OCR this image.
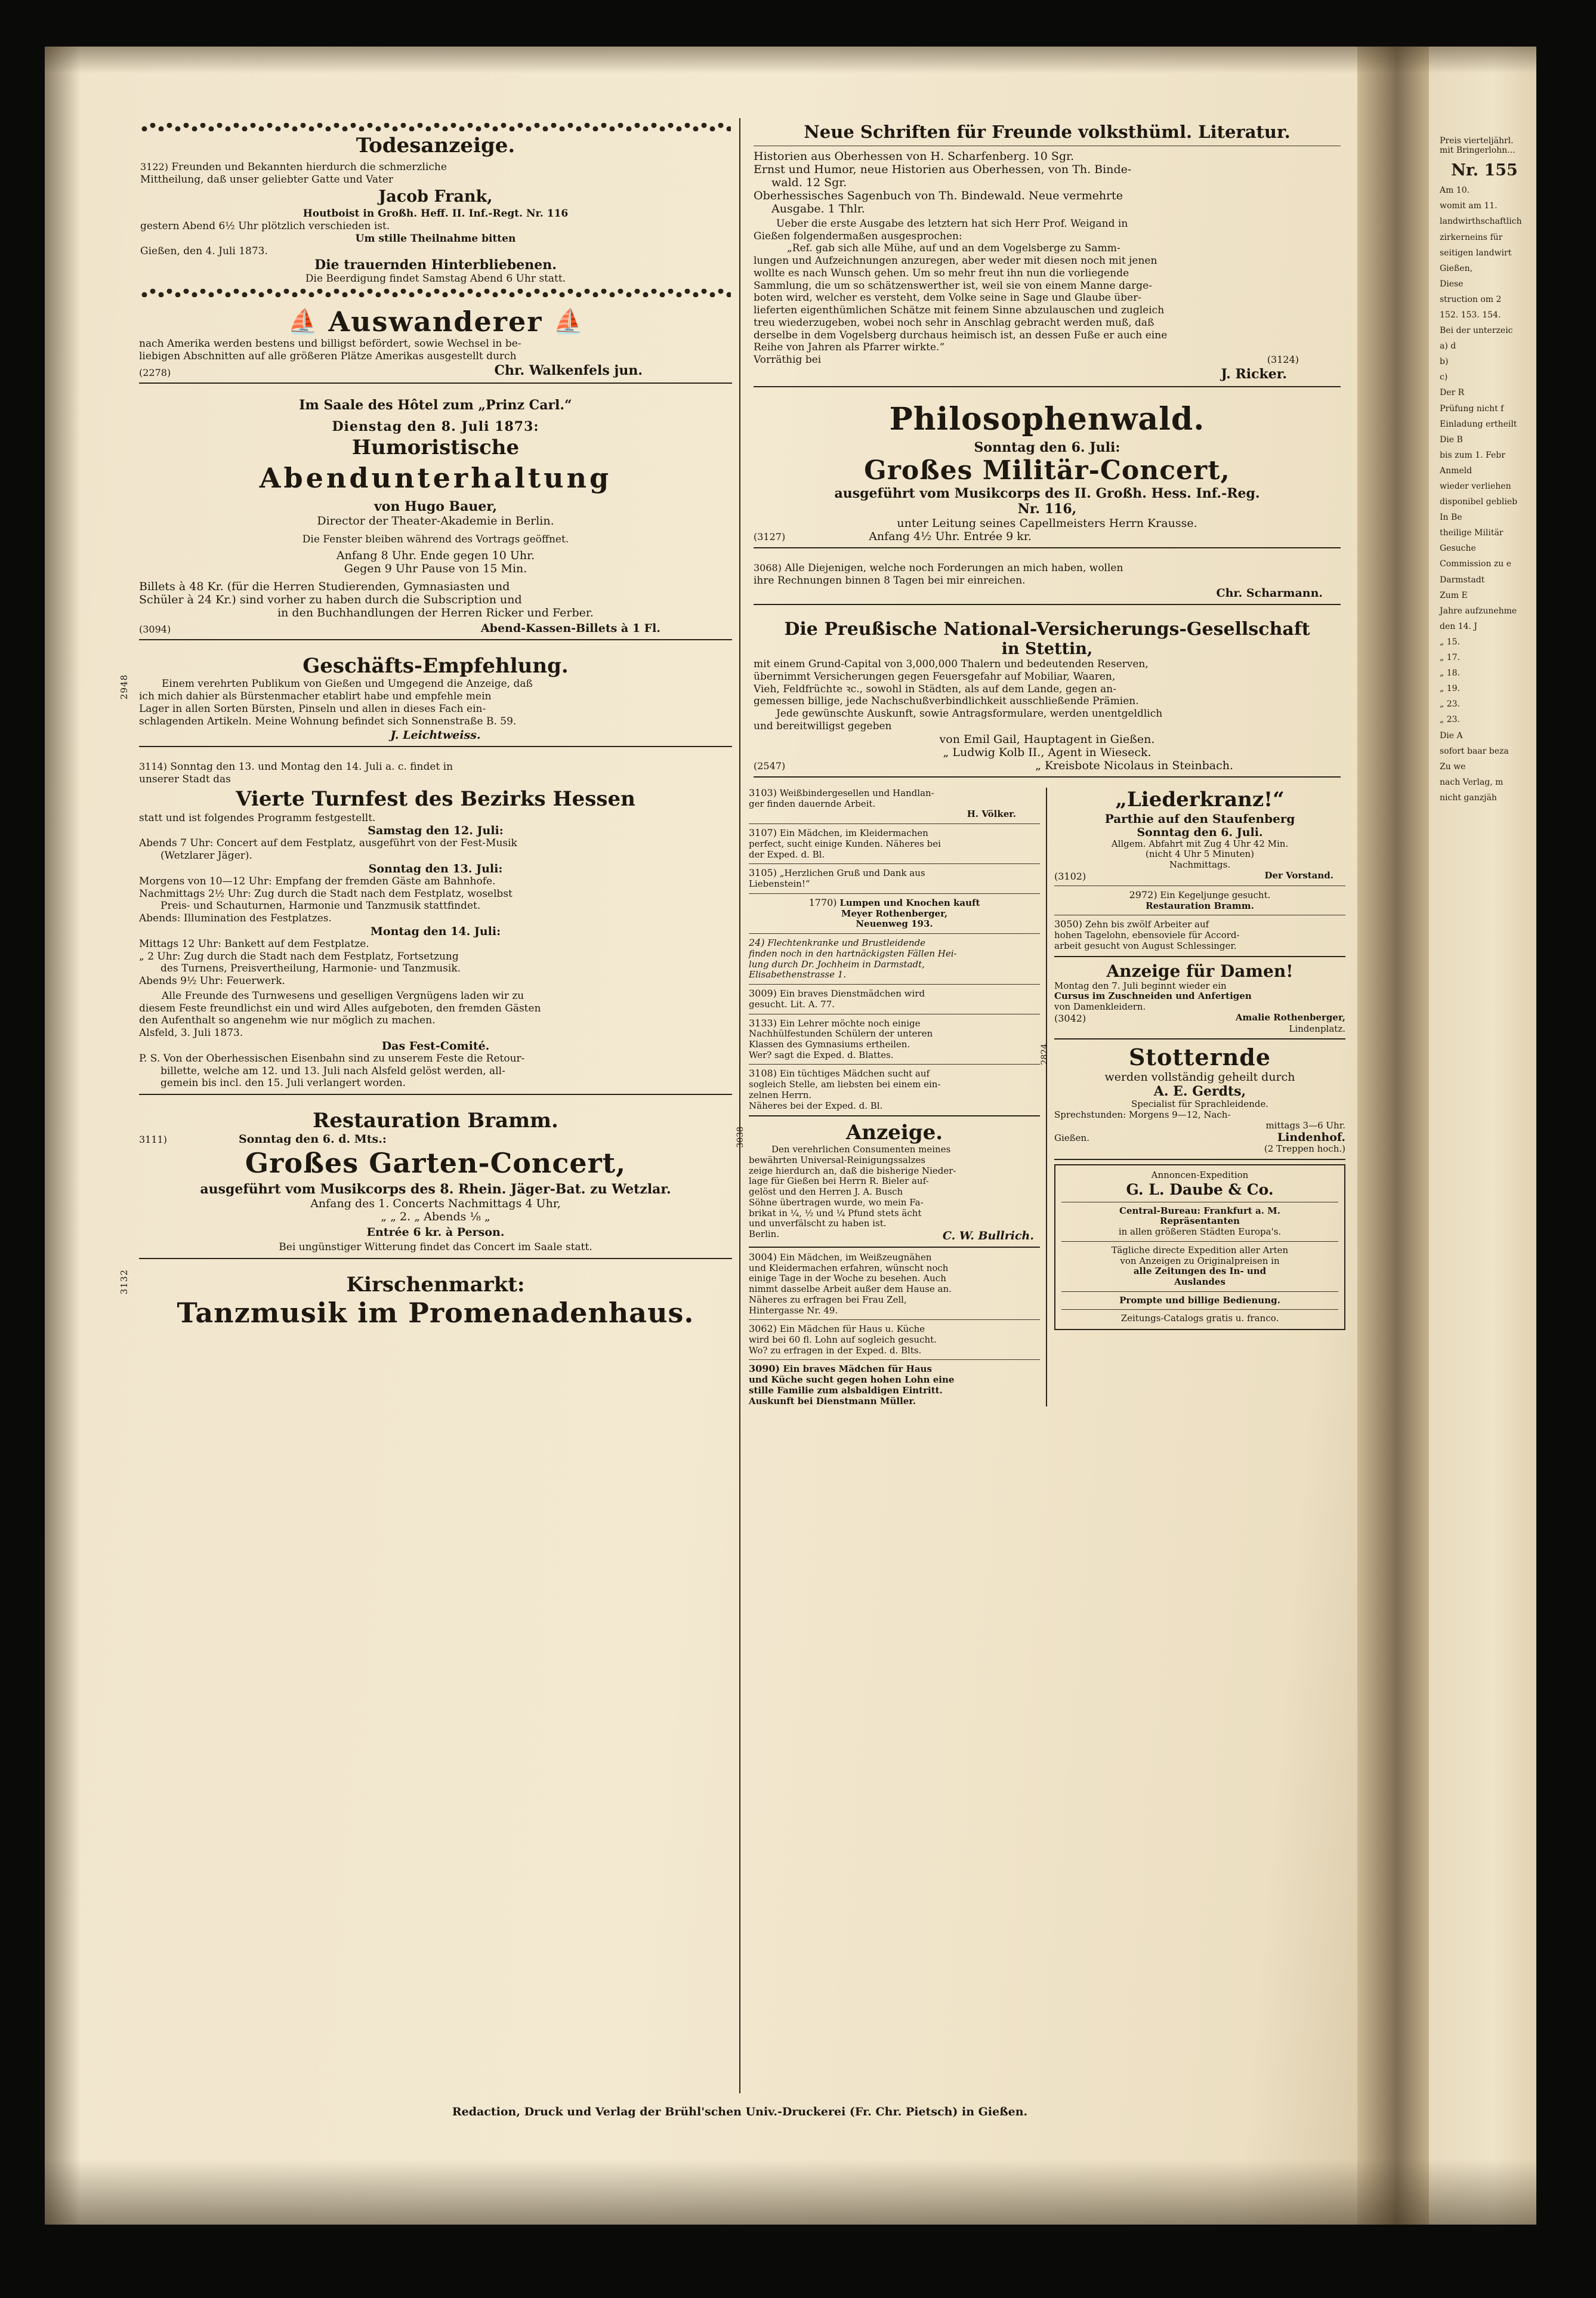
Preis vierteljährl. mit Bringerlohn...
Nr. 155
Am 10.
womit am 11.
landwirthschaftlich
zirkerneins für
seitigen landwirt
Gießen,
Diese
struction om 2
152. 153. 154.
Bei der unterzeic
a) d
b)
c)
Der R
Prüfung nicht f
Einladung ertheilt
Die B
bis zum 1. Febr
Anmeld
wieder verliehen
disponibel geblieb
In Be
theilige Militär
Gesuche
Commission zu e
Darmstadt
Zum E
Jahre aufzunehme
den 14. J
„ 15.
„ 17.
„ 18.
„ 19.
„ 23.
„ 23.
Die A
sofort baar beza
Zu we
nach Verlag, m
nicht ganzjäh
Todesanzeige.
3122) Freunden und Bekannten hierdurch die schmerzliche
Mittheilung, daß unser geliebter Gatte und Vater
Jacob Frank,
Houtboist in Großh. Heff. II. Inf.-Regt. Nr. 116
gestern Abend 6½ Uhr plötzlich verschieden ist.
Um stille Theilnahme bitten
Gießen, den 4. Juli 1873.
Die trauernden Hinterbliebenen.
Die Beerdigung findet Samstag Abend 6 Uhr statt.
⛵ Auswanderer ⛵
nach Amerika werden bestens und billigst befördert, sowie Wechsel in be-
liebigen Abschnitten auf alle größeren Plätze Amerikas ausgestellt durch
(2278)	Chr. Walkenfels jun.
Im Saale des Hôtel zum „Prinz Carl.“
Dienstag den 8. Juli 1873:
Humoristische
Abendunterhaltung
von Hugo Bauer,
Director der Theater-Akademie in Berlin.
Die Fenster bleiben während des Vortrags geöffnet.
Anfang 8 Uhr. Ende gegen 10 Uhr.
Gegen 9 Uhr Pause von 15 Min.
Billets à 48 Kr. (für die Herren Studierenden, Gymnasiasten und
Schüler à 24 Kr.) sind vorher zu haben durch die Subscription und
in den Buchhandlungen der Herren Ricker und Ferber.
(3094)	Abend-Kassen-Billets à 1 Fl.
2948
Geschäfts-Empfehlung.
Einem verehrten Publikum von Gießen und Umgegend die Anzeige, daß
ich mich dahier als Bürstenmacher etablirt habe und empfehle mein
Lager in allen Sorten Bürsten, Pinseln und allen in dieses Fach ein-
schlagenden Artikeln. Meine Wohnung befindet sich Sonnenstraße B. 59.
J. Leichtweiss.
3114) Sonntag den 13. und Montag den 14. Juli a. c. findet in
unserer Stadt das
Vierte Turnfest des Bezirks Hessen
statt und ist folgendes Programm festgestellt.
Samstag den 12. Juli:
Abends 7 Uhr: Concert auf dem Festplatz, ausgeführt von der Fest-Musik
(Wetzlarer Jäger).
Sonntag den 13. Juli:
Morgens von 10—12 Uhr: Empfang der fremden Gäste am Bahnhofe.
Nachmittags 2½ Uhr: Zug durch die Stadt nach dem Festplatz, woselbst
Preis- und Schauturnen, Harmonie und Tanzmusik stattfindet.
Abends: Illumination des Festplatzes.
Montag den 14. Juli:
Mittags 12 Uhr: Bankett auf dem Festplatze.
„ 2 Uhr: Zug durch die Stadt nach dem Festplatz, Fortsetzung
des Turnens, Preisvertheilung, Harmonie- und Tanzmusik.
Abends 9½ Uhr: Feuerwerk.
Alle Freunde des Turnwesens und geselligen Vergnügens laden wir zu
diesem Feste freundlichst ein und wird Alles aufgeboten, den fremden Gästen
den Aufenthalt so angenehm wie nur möglich zu machen.
Alsfeld, 3. Juli 1873.
Das Fest-Comité.
P. S. Von der Oberhessischen Eisenbahn sind zu unserem Feste die Retour-
billette, welche am 12. und 13. Juli nach Alsfeld gelöst werden, all-
gemein bis incl. den 15. Juli verlangert worden.
Restauration Bramm.
3111)	Sonntag den 6. d. Mts.:
Großes Garten-Concert,
ausgeführt vom Musikcorps des 8. Rhein. Jäger-Bat. zu Wetzlar.
Anfang des 1. Concerts Nachmittags 4 Uhr,
„ „ 2. „ Abends ⅛ „
Entrée 6 kr. à Person.
Bei ungünstiger Witterung findet das Concert im Saale statt.
3132	Kirschenmarkt:
Tanzmusik im Promenadenhaus.
Neue Schriften für Freunde volksthüml. Literatur.
Historien aus Oberhessen von H. Scharfenberg. 10 Sgr.
Ernst und Humor, neue Historien aus Oberhessen, von Th. Binde-
wald. 12 Sgr.
Oberhessisches Sagenbuch von Th. Bindewald. Neue vermehrte
Ausgabe. 1 Thlr.
Ueber die erste Ausgabe des letztern hat sich Herr Prof. Weigand in
Gießen folgendermaßen ausgesprochen:
„Ref. gab sich alle Mühe, auf und an dem Vogelsberge zu Samm-
lungen und Aufzeichnungen anzuregen, aber weder mit diesen noch mit jenen
wollte es nach Wunsch gehen. Um so mehr freut ihn nun die vorliegende
Sammlung, die um so schätzenswerther ist, weil sie von einem Manne darge-
boten wird, welcher es versteht, dem Volke seine in Sage und Glaube über-
lieferten eigenthümlichen Schätze mit feinem Sinne abzulauschen und zugleich
treu wiederzugeben, wobei noch sehr in Anschlag gebracht werden muß, daß
derselbe in dem Vogelsberg durchaus heimisch ist, an dessen Fuße er auch eine
Reihe von Jahren als Pfarrer wirkte.“
Vorräthig bei	(3124)
J. Ricker.
Philosophenwald.
Sonntag den 6. Juli:
Großes Militär-Concert,
ausgeführt vom Musikcorps des II. Großh. Hess. Inf.-Reg.
Nr. 116,
unter Leitung seines Capellmeisters Herrn Krausse.
(3127)	Anfang 4½ Uhr. Entrée 9 kr.
3068) Alle Diejenigen, welche noch Forderungen an mich haben, wollen
ihre Rechnungen binnen 8 Tagen bei mir einreichen.
Chr. Scharmann.
Die Preußische National-Versicherungs-Gesellschaft
in Stettin,
mit einem Grund-Capital von 3,000,000 Thalern und bedeutenden Reserven,
übernimmt Versicherungen gegen Feuersgefahr auf Mobiliar, Waaren,
Vieh, Feldfrüchte ꝛc., sowohl in Städten, als auf dem Lande, gegen an-
gemessen billige, jede Nachschußverbindlichkeit ausschließende Prämien.
Jede gewünschte Auskunft, sowie Antragsformulare, werden unentgeldlich
und bereitwilligst gegeben
von Emil Gail, Hauptagent in Gießen.
„ Ludwig Kolb II., Agent in Wieseck.
(2547)	„ Kreisbote Nicolaus in Steinbach.
3103) Weißbindergesellen und Handlan-
ger finden dauernde Arbeit.
H. Völker.
3107) Ein Mädchen, im Kleidermachen
perfect, sucht einige Kunden. Näheres bei
der Exped. d. Bl.
3105) „Herzlichen Gruß und Dank aus
Liebenstein!“
1770) Lumpen und Knochen kauft
Meyer Rothenberger,
Neuenweg 193.
24) Flechtenkranke und Brustleidende
finden noch in den hartnäckigsten Fällen Hei-
lung durch Dr. Jochheim in Darmstadt,
Elisabethenstrasse 1.
3009) Ein braves Dienstmädchen wird
gesucht. Lit. A. 77.
3133) Ein Lehrer möchte noch einige
Nachhülfestunden Schülern der unteren
Klassen des Gymnasiums ertheilen.
Wer? sagt die Exped. d. Blattes.
3108) Ein tüchtiges Mädchen sucht auf
sogleich Stelle, am liebsten bei einem ein-
zelnen Herrn.
Näheres bei der Exped. d. Bl.
3038	Anzeige.
Den verehrlichen Consumenten meines
bewährten Universal-Reinigungssalzes
zeige hierdurch an, daß die bisherige Nieder-
lage für Gießen bei Herrn R. Bieler auf-
gelöst und den Herren J. A. Busch
Söhne übertragen wurde, wo mein Fa-
brikat in ¼, ½ und ¼ Pfund stets ächt
und unverfälscht zu haben ist.
Berlin.	C. W. Bullrich.
3004) Ein Mädchen, im Weißzeugnähen
und Kleidermachen erfahren, wünscht noch
einige Tage in der Woche zu besehen. Auch
nimmt dasselbe Arbeit außer dem Hause an.
Näheres zu erfragen bei Frau Zell,
Hintergasse Nr. 49.
3062) Ein Mädchen für Haus u. Küche
wird bei 60 fl. Lohn auf sogleich gesucht.
Wo? zu erfragen in der Exped. d. Blts.
3090) Ein braves Mädchen für Haus
und Küche sucht gegen hohen Lohn eine
stille Familie zum alsbaldigen Eintritt.
Auskunft bei Dienstmann Müller.
„Liederkranz!“
Parthie auf den Staufenberg
Sonntag den 6. Juli.
Allgem. Abfahrt mit Zug 4 Uhr 42 Min.
(nicht 4 Uhr 5 Minuten)
Nachmittags.
(3102)	Der Vorstand.
2972) Ein Kegeljunge gesucht.
Restauration Bramm.
3050) Zehn bis zwölf Arbeiter auf
hohen Tagelohn, ebensoviele für Accord-
arbeit gesucht von August Schlessinger.
Anzeige für Damen!
Montag den 7. Juli beginnt wieder ein
Cursus im Zuschneiden und Anfertigen
von Damenkleidern.
(3042)	Amalie Rothenberger,
Lindenplatz.
2824	Stotternde
werden vollständig geheilt durch
A. E. Gerdts,
Specialist für Sprachleidende.
Sprechstunden: Morgens 9—12, Nach-
mittags 3—6 Uhr.
Gießen.	Lindenhof.
(2 Treppen hoch.)
Annoncen-Expedition
G. L. Daube & Co.
Central-Bureau: Frankfurt a. M.
Repräsentanten
in allen größeren Städten Europa's.
Tägliche directe Expedition aller Arten
von Anzeigen zu Originalpreisen in
alle Zeitungen des In- und
Auslandes
Prompte und billige Bedienung.
Zeitungs-Catalogs gratis u. franco.
Redaction, Druck und Verlag der Brühl'schen Univ.-Druckerei (Fr. Chr. Pietsch) in Gießen.
